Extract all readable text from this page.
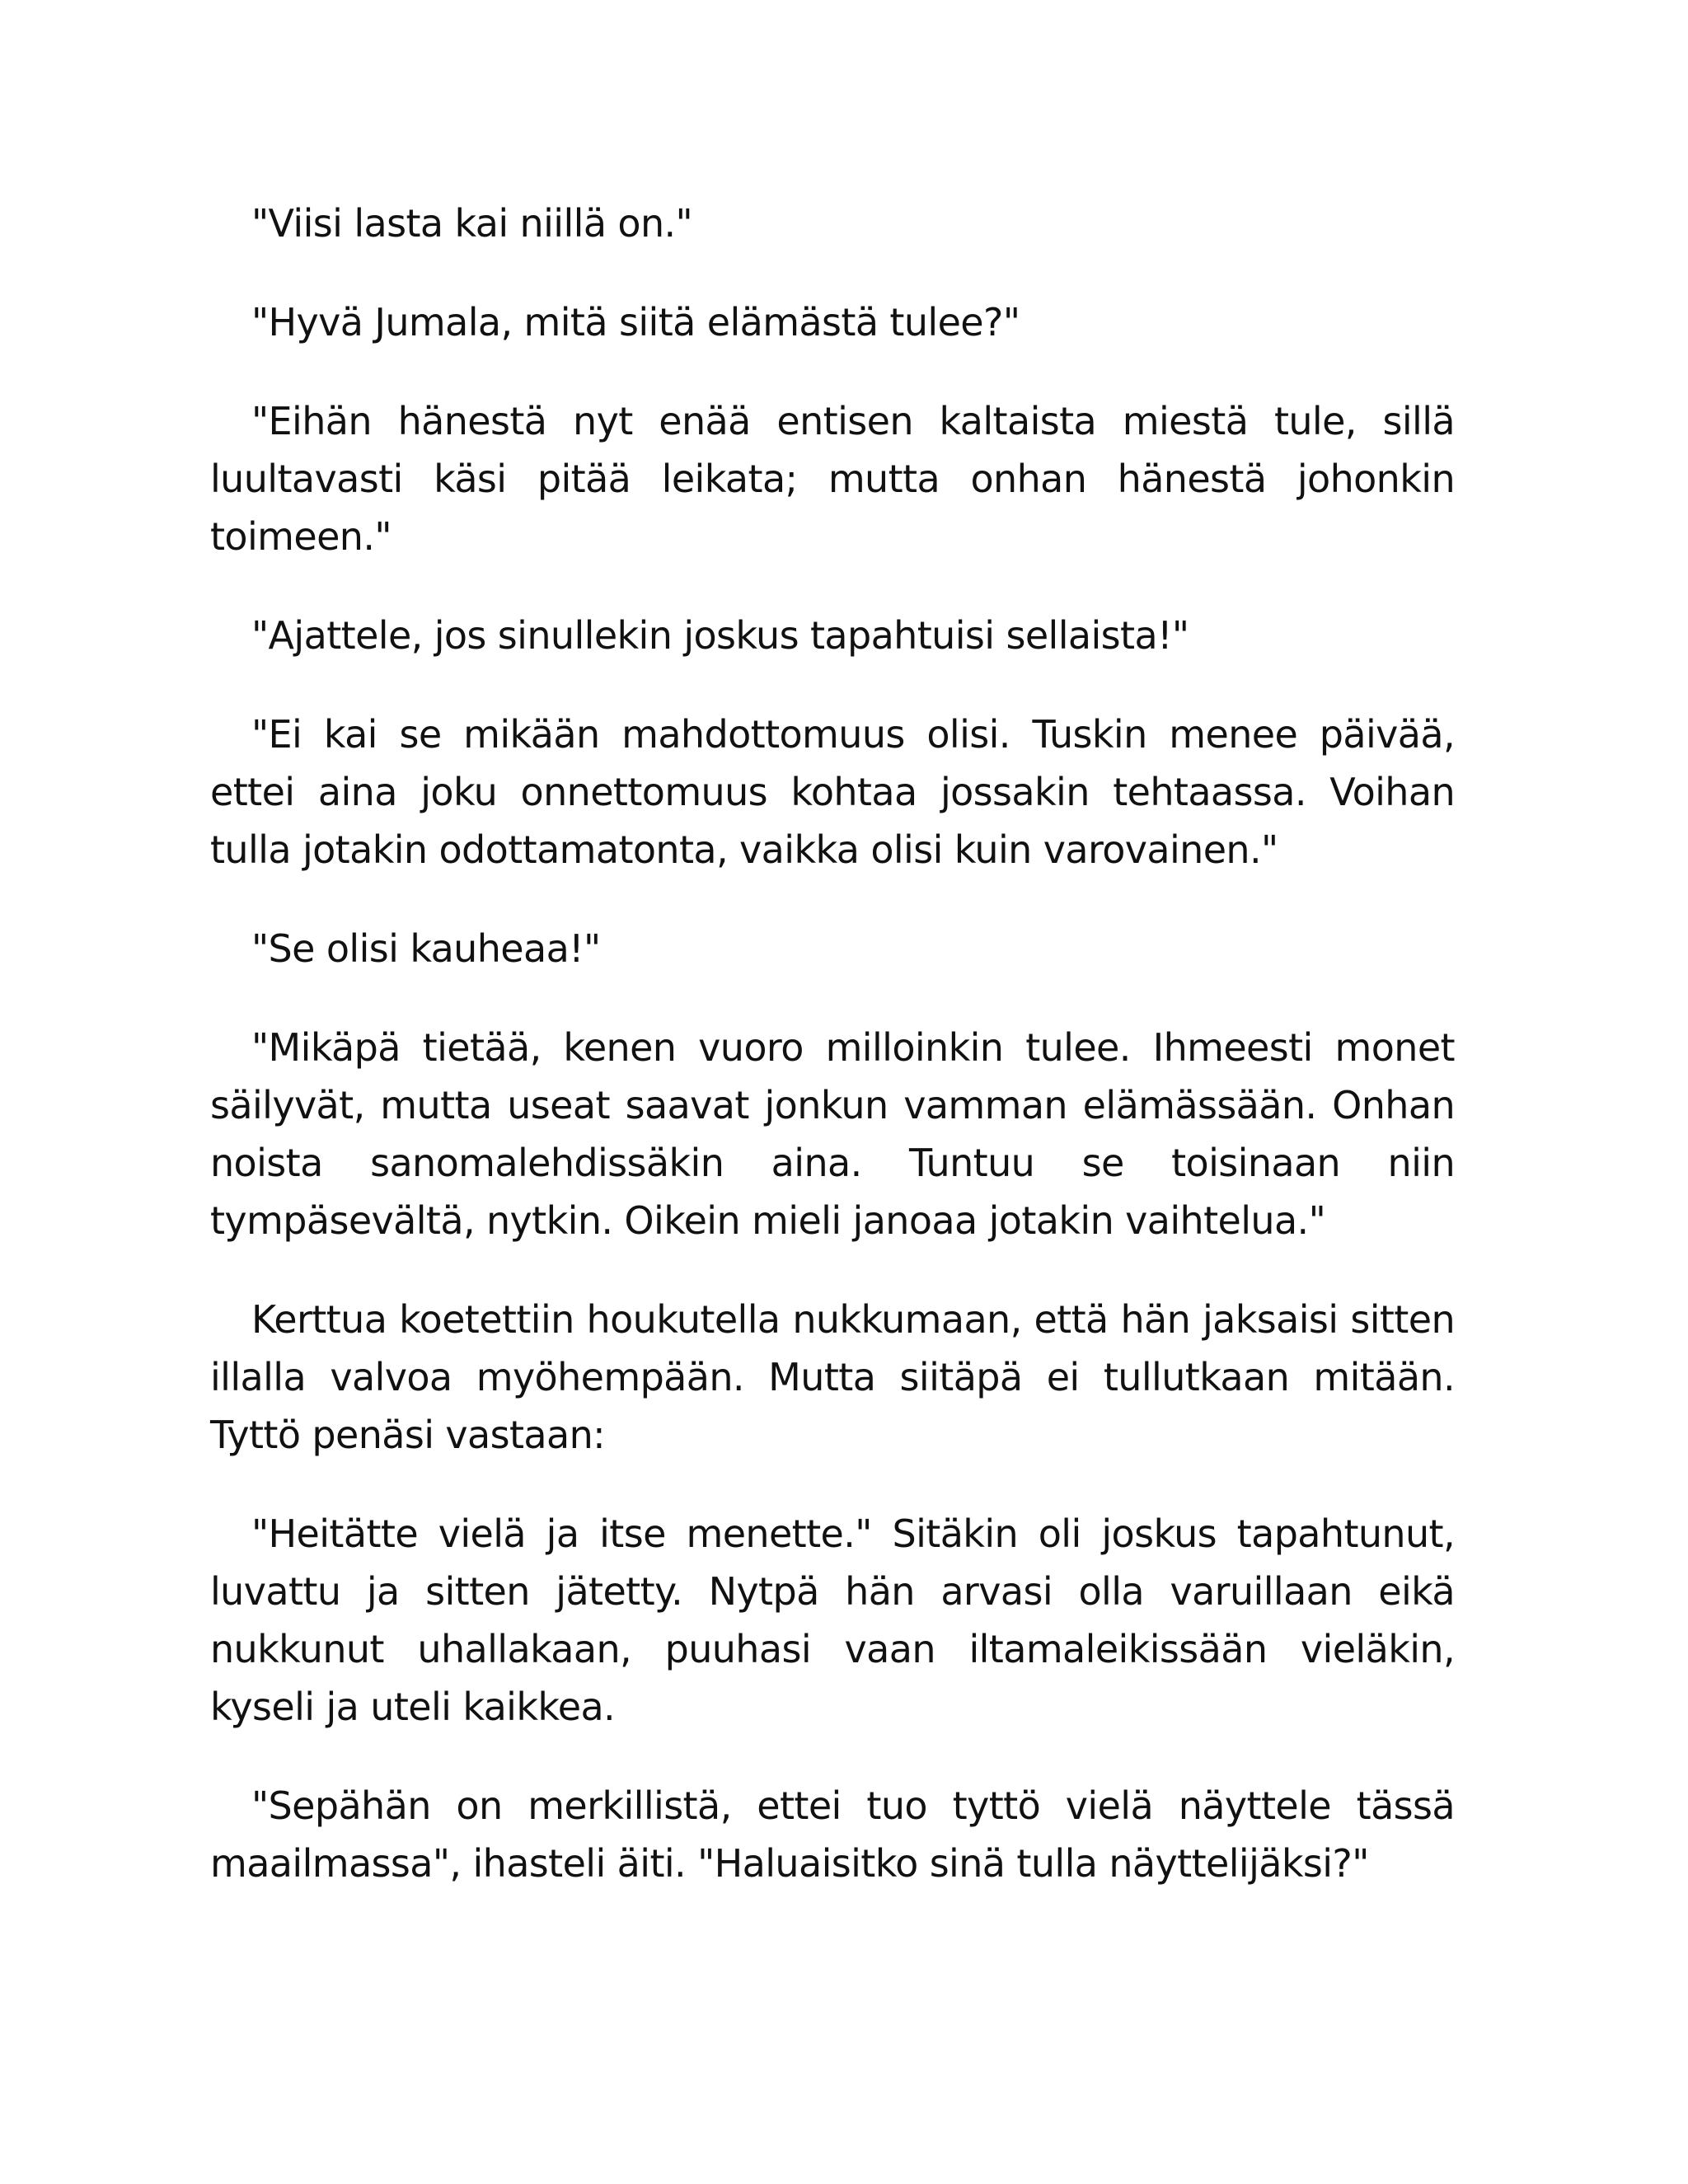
"Viisi lasta kai niillä on."

"Hyvä Jumala, mitä siitä elämästä tulee?"

"Eihän hänestä nyt enää entisen kaltaista miestä tule, sillä luultavasti käsi pitää leikata; mutta onhan hänestä johonkin toimeen."

"Ajattele, jos sinullekin joskus tapahtuisi sellaista!"

"Ei kai se mikään mahdottomuus olisi. Tuskin menee päivää, ettei aina joku onnettomuus kohtaa jossakin tehtaassa. Voihan tulla jotakin odottamatonta, vaikka olisi kuin varovainen."

"Se olisi kauheaa!"

"Mikäpä tietää, kenen vuoro milloinkin tulee. Ihmeesti monet säilyvät, mutta useat saavat jonkun vamman elämässään. Onhan noista sanomalehdissäkin aina. Tuntuu se toisinaan niin tympäsevältä, nytkin. Oikein mieli janoaa jotakin vaihtelua."

Kerttua koetettiin houkutella nukkumaan, että hän jaksaisi sitten illalla valvoa myöhempään. Mutta siitäpä ei tullutkaan mitään. Tyttö penäsi vastaan:

"Heitätte vielä ja itse menette." Sitäkin oli joskus tapahtunut, luvattu ja sitten jätetty. Nytpä hän arvasi olla varuillaan eikä nukkunut uhallakaan, puuhasi vaan iltamaleikissään vieläkin, kyseli ja uteli kaikkea.

"Sepähän on merkillistä, ettei tuo tyttö vielä näyttele tässä maailmassa", ihasteli äiti. "Haluaisitko sinä tulla näyttelijäksi?"
